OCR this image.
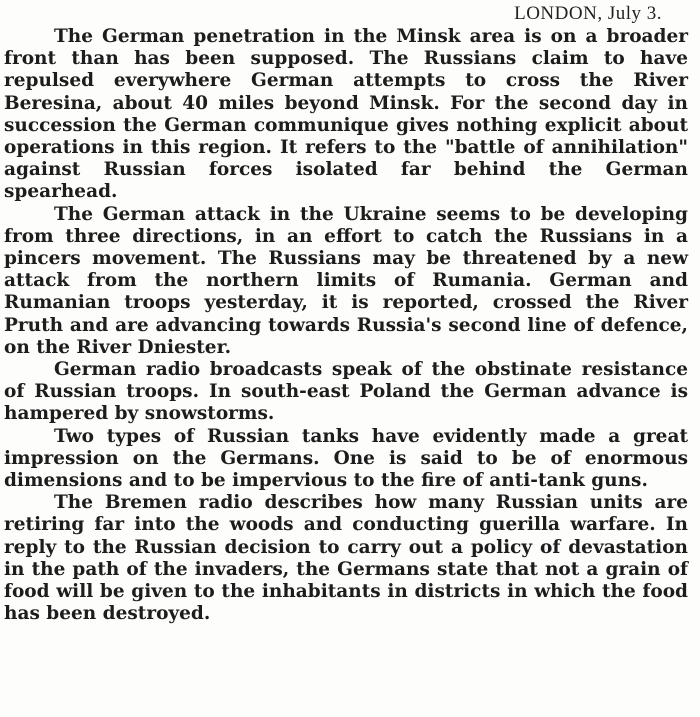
LONDON, July 3.

The German penetration in the Minsk area is on a broader front than has been supposed. The Russians claim to have repulsed everywhere German attempts to cross the River Beresina, about 40 miles beyond Minsk. For the second day in succession the German communique gives nothing explicit about operations in this region. It refers to the "battle of annihilation" against Russian forces isolated far behind the German spearhead.

The German attack in the Ukraine seems to be developing from three directions, in an effort to catch the Russians in a pincers movement. The Russians may be threatened by a new attack from the northern limits of Rumania. German and Rumanian troops yesterday, it is reported, crossed the River Pruth and are advancing towards Russia's second line of defence, on the River Dniester.

German radio broadcasts speak of the obstinate resistance of Russian troops. In south-east Poland the German advance is hampered by snowstorms.

Two types of Russian tanks have evidently made a great impression on the Germans. One is said to be of enormous dimensions and to be impervious to the fire of anti-tank guns.

The Bremen radio describes how many Russian units are retiring far into the woods and conducting guerilla warfare. In reply to the Russian decision to carry out a policy of devastation in the path of the invaders, the Germans state that not a grain of food will be given to the inhabitants in districts in which the food has been destroyed.
